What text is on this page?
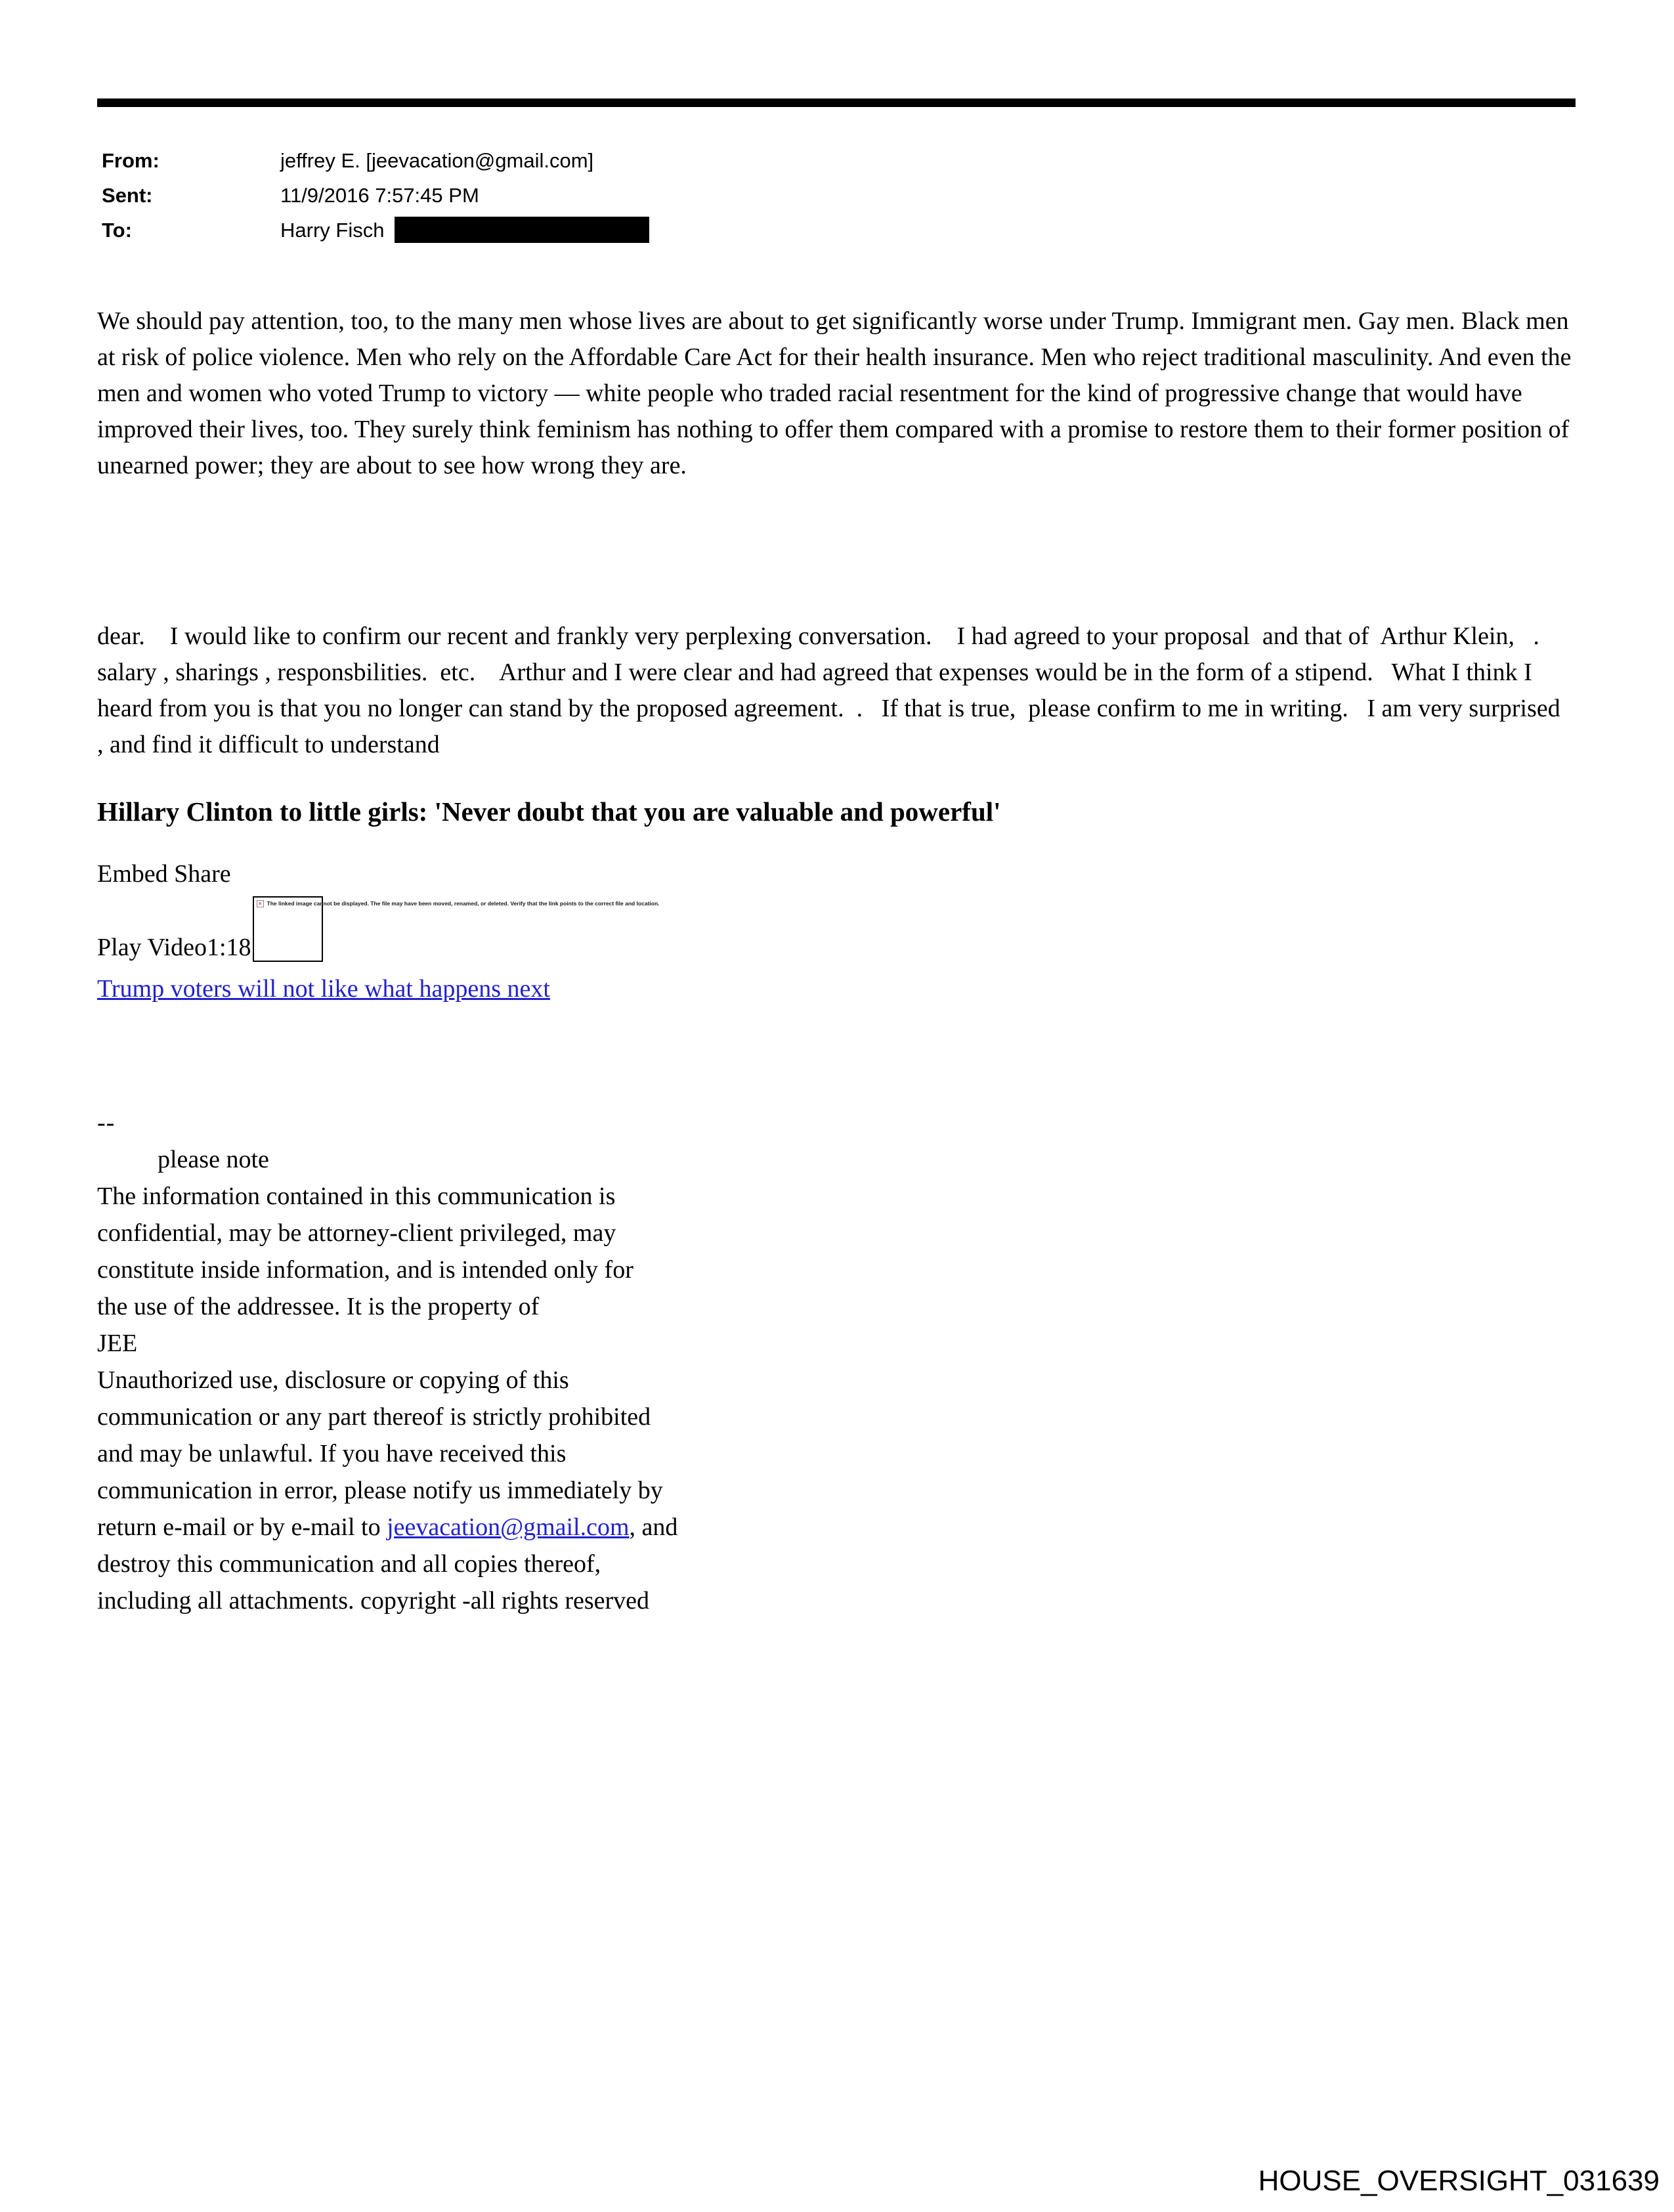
From:	jeffrey E. [jeevacation@gmail.com]
Sent:	11/9/2016 7:57:45 PM
To:	Harry Fisch

We should pay attention, too, to the many men whose lives are about to get significantly worse under Trump. Immigrant men. Gay men. Black men at risk of police violence. Men who rely on the Affordable Care Act for their health insurance. Men who reject traditional masculinity. And even the men and women who voted Trump to victory — white people who traded racial resentment for the kind of progressive change that would have improved their lives, too. They surely think feminism has nothing to offer them compared with a promise to restore them to their former position of unearned power; they are about to see how wrong they are.

dear.    I would like to confirm our recent and frankly very perplexing conversation.    I had agreed to your proposal  and that of  Arthur Klein,   .  salary , sharings , responsbilities.  etc.    Arthur and I were clear and had agreed that expenses would be in the form of a stipend.   What I think I heard from you is that you no longer can stand by the proposed agreement.  .   If that is true,  please confirm to me in writing.   I am very surprised   , and find it difficult to understand

Hillary Clinton to little girls: 'Never doubt that you are valuable and powerful'
Embed Share
Play Video1:18
✕ The linked image cannot be displayed. The file may have been moved, renamed, or deleted. Verify that the link points to the correct file and location.
Trump voters will not like what happens next
--
please note
The information contained in this communication is
confidential, may be attorney-client privileged, may
constitute inside information, and is intended only for
the use of the addressee. It is the property of
JEE
Unauthorized use, disclosure or copying of this
communication or any part thereof is strictly prohibited
and may be unlawful. If you have received this
communication in error, please notify us immediately by
return e-mail or by e-mail to jeevacation@gmail.com, and
destroy this communication and all copies thereof,
including all attachments. copyright -all rights reserved
HOUSE_OVERSIGHT_031639
